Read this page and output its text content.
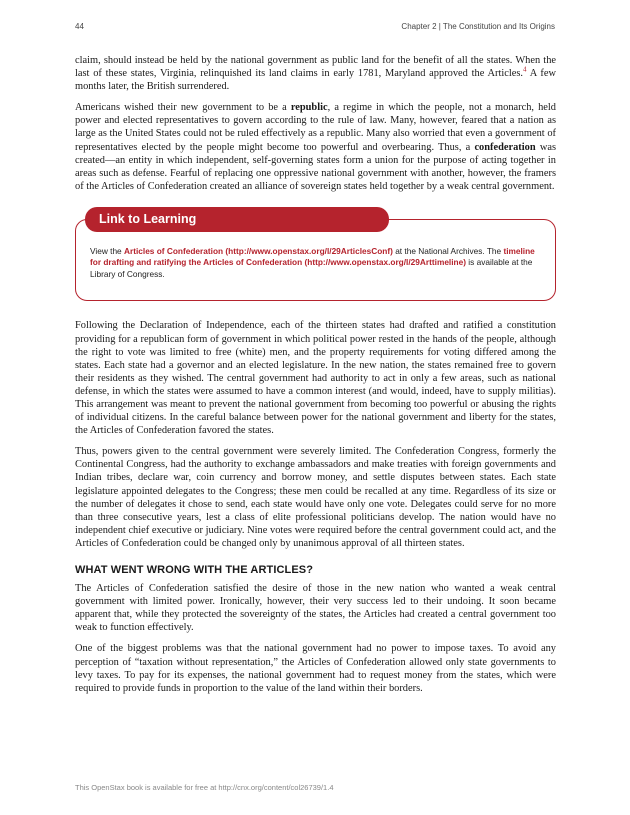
44	Chapter 2 | The Constitution and Its Origins

claim, should instead be held by the national government as public land for the benefit of all the states. When the last of these states, Virginia, relinquished its land claims in early 1781, Maryland approved the Articles.$^4$ A few months later, the British surrendered.

Americans wished their new government to be a republic, a regime in which the people, not a monarch, held power and elected representatives to govern according to the rule of law. Many, however, feared that a nation as large as the United States could not be ruled effectively as a republic. Many also worried that even a government of representatives elected by the people might become too powerful and overbearing. Thus, a confederation was created—an entity in which independent, self-governing states form a union for the purpose of acting together in areas such as defense. Fearful of replacing one oppressive national government with another, however, the framers of the Articles of Confederation created an alliance of sovereign states held together by a weak central government.

Link to Learning
View the Articles of Confederation (http://www.openstax.org/l/29ArticlesConf) at the National Archives. The timeline for drafting and ratifying the Articles of Confederation (http://www.openstax.org/l/29Arttimeline) is available at the Library of Congress.

Following the Declaration of Independence, each of the thirteen states had drafted and ratified a constitution providing for a republican form of government in which political power rested in the hands of the people, although the right to vote was limited to free (white) men, and the property requirements for voting differed among the states. Each state had a governor and an elected legislature. In the new nation, the states remained free to govern their residents as they wished. The central government had authority to act in only a few areas, such as national defense, in which the states were assumed to have a common interest (and would, indeed, have to supply militias). This arrangement was meant to prevent the national government from becoming too powerful or abusing the rights of individual citizens. In the careful balance between power for the national government and liberty for the states, the Articles of Confederation favored the states.

Thus, powers given to the central government were severely limited. The Confederation Congress, formerly the Continental Congress, had the authority to exchange ambassadors and make treaties with foreign governments and Indian tribes, declare war, coin currency and borrow money, and settle disputes between states. Each state legislature appointed delegates to the Congress; these men could be recalled at any time. Regardless of its size or the number of delegates it chose to send, each state would have only one vote. Delegates could serve for no more than three consecutive years, lest a class of elite professional politicians develop. The nation would have no independent chief executive or judiciary. Nine votes were required before the central government could act, and the Articles of Confederation could be changed only by unanimous approval of all thirteen states.

WHAT WENT WRONG WITH THE ARTICLES?

The Articles of Confederation satisfied the desire of those in the new nation who wanted a weak central government with limited power. Ironically, however, their very success led to their undoing. It soon became apparent that, while they protected the sovereignty of the states, the Articles had created a central government too weak to function effectively.

One of the biggest problems was that the national government had no power to impose taxes. To avoid any perception of “taxation without representation,” the Articles of Confederation allowed only state governments to levy taxes. To pay for its expenses, the national government had to request money from the states, which were required to provide funds in proportion to the value of the land within their borders.

This OpenStax book is available for free at http://cnx.org/content/col26739/1.4
